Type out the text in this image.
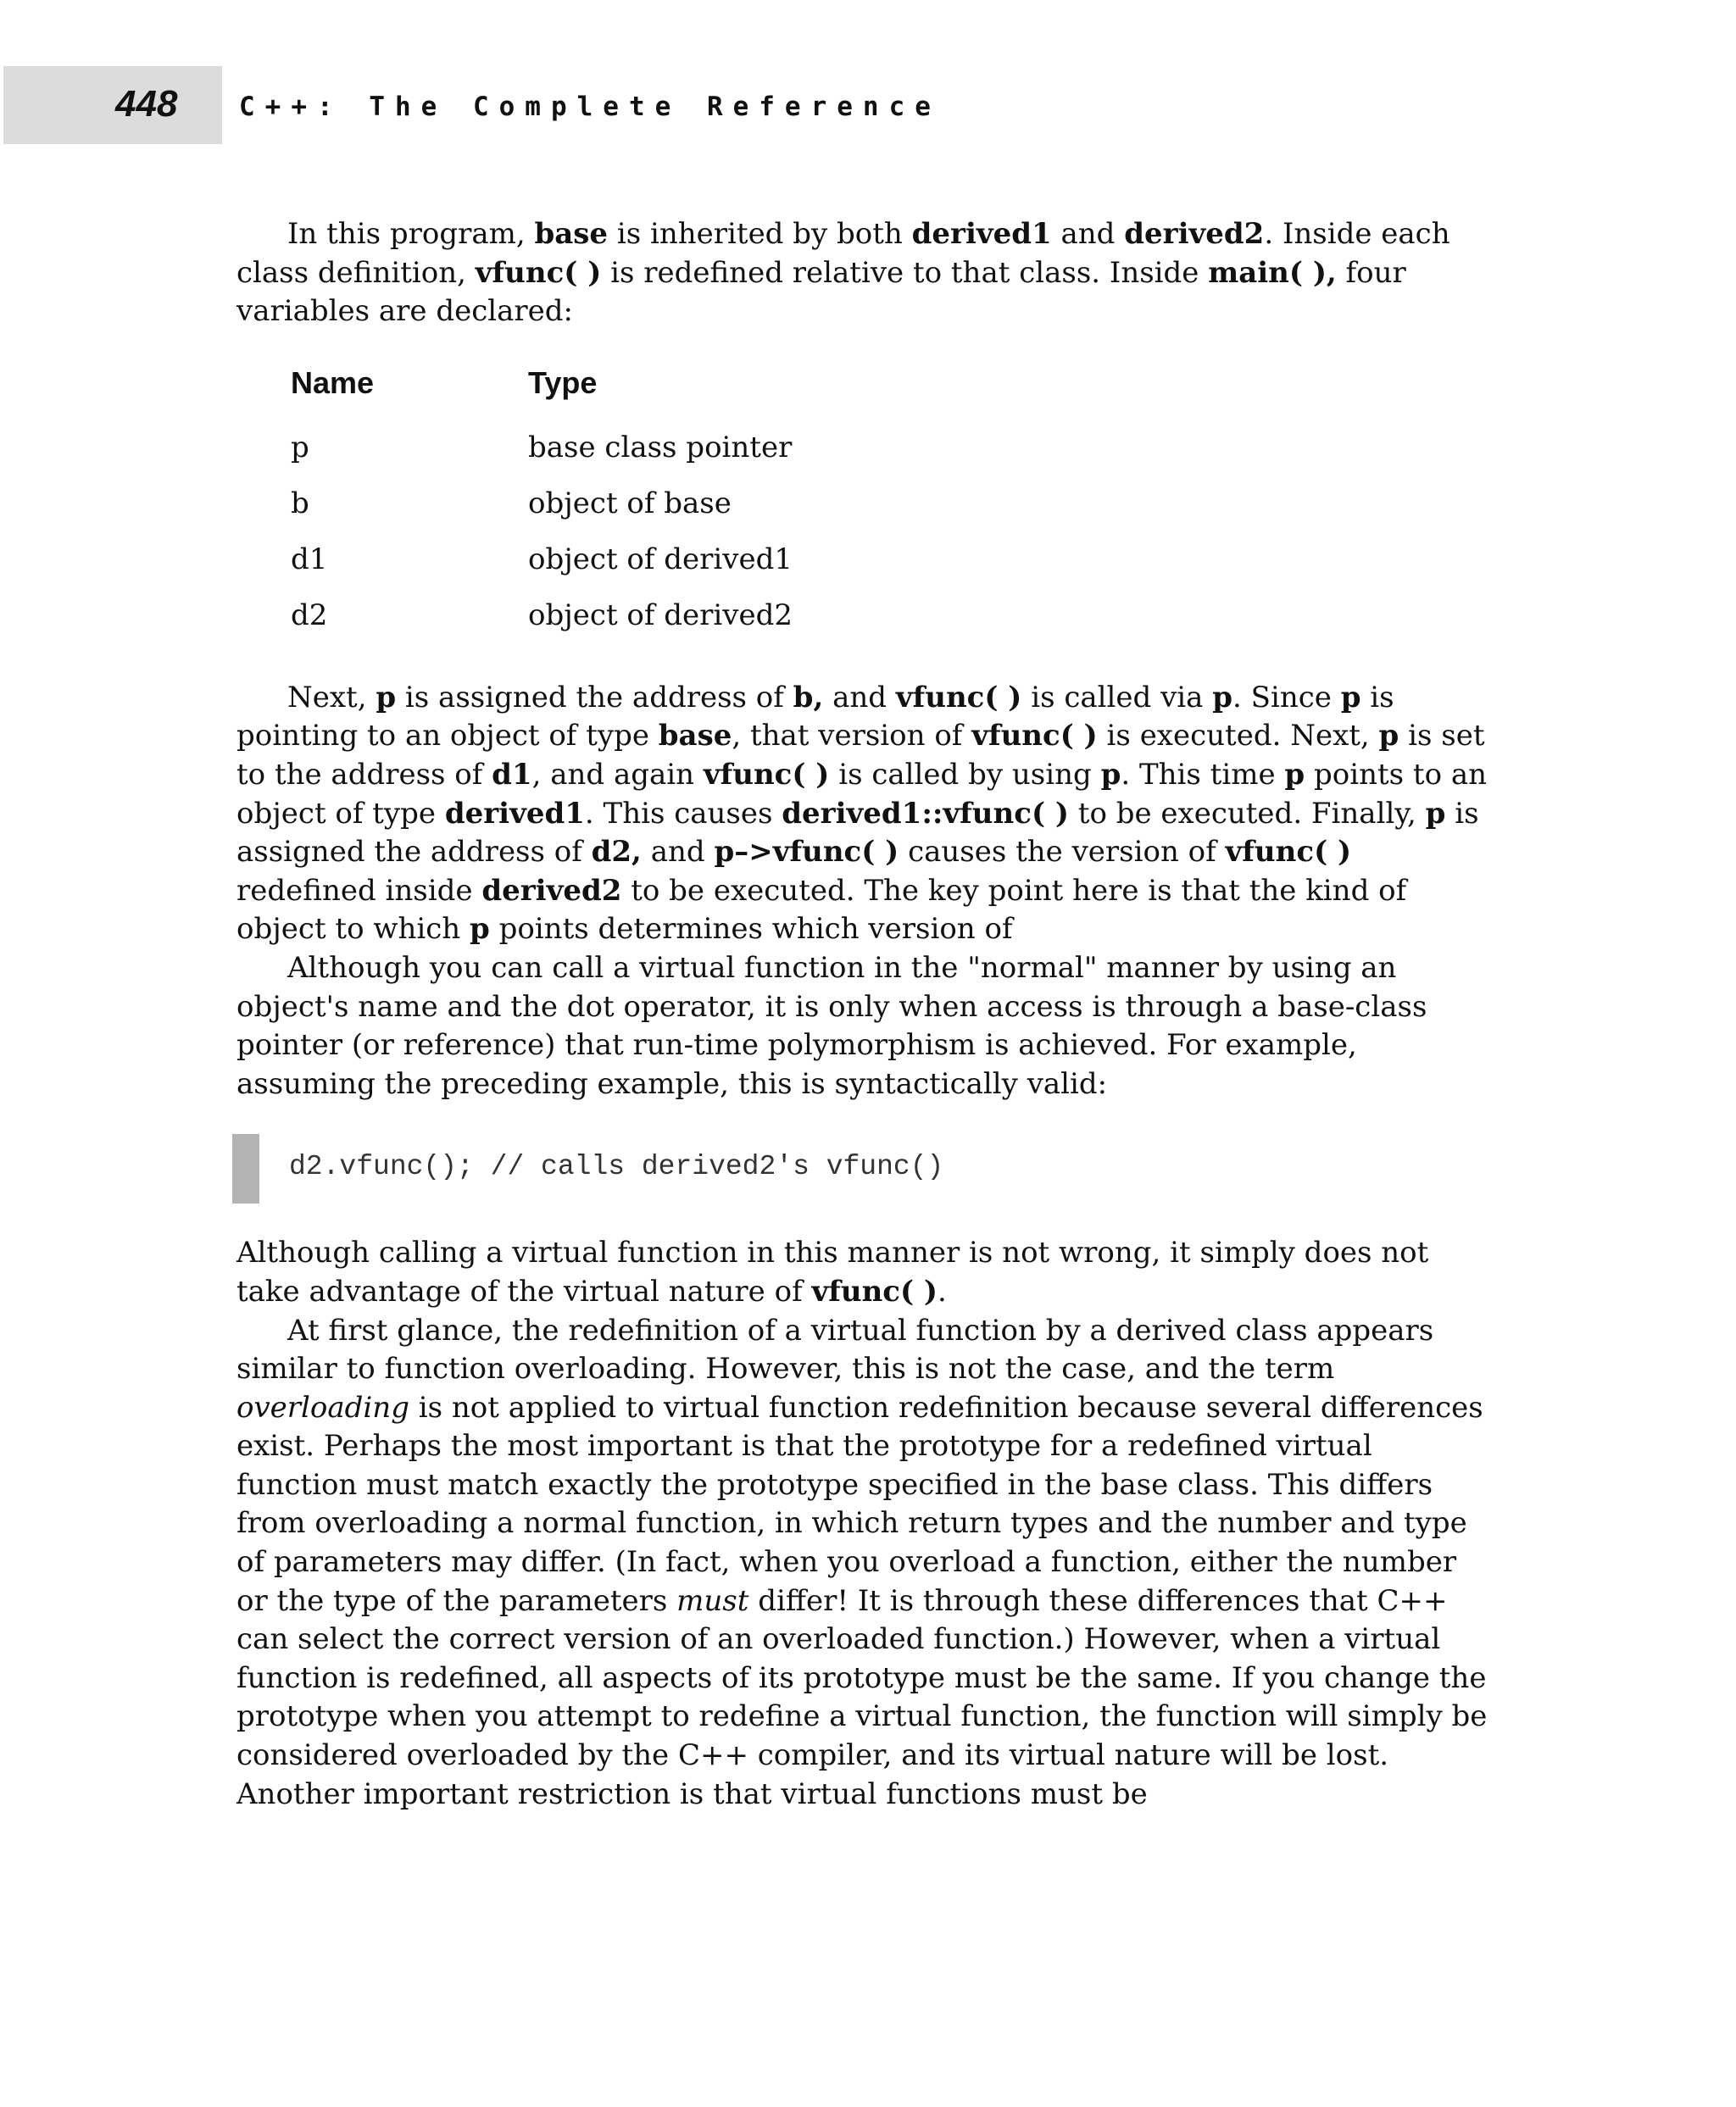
448 C++: The Complete Reference

In this program, base is inherited by both derived1 and derived2. Inside each class definition, vfunc( ) is redefined relative to that class. Inside main( ), four variables are declared:

Name	Type
p	base class pointer
b	object of base
d1	object of derived1
d2	object of derived2

Next, p is assigned the address of b, and vfunc( ) is called via p. Since p is pointing to an object of type base, that version of vfunc( ) is executed. Next, p is set to the address of d1, and again vfunc( ) is called by using p. This time p points to an object of type derived1. This causes derived1::vfunc( ) to be executed. Finally, p is assigned the address of d2, and p–>vfunc( ) causes the version of vfunc( ) redefined inside derived2 to be executed. The key point here is that the kind of object to which p points determines which version of

Although you can call a virtual function in the "normal" manner by using an object's name and the dot operator, it is only when access is through a base-class pointer (or reference) that run-time polymorphism is achieved. For example, assuming the preceding example, this is syntactically valid:

d2.vfunc(); // calls derived2's vfunc()

Although calling a virtual function in this manner is not wrong, it simply does not take advantage of the virtual nature of vfunc( ).

At first glance, the redefinition of a virtual function by a derived class appears similar to function overloading. However, this is not the case, and the term overloading is not applied to virtual function redefinition because several differences exist. Perhaps the most important is that the prototype for a redefined virtual function must match exactly the prototype specified in the base class. This differs from overloading a normal function, in which return types and the number and type of parameters may differ. (In fact, when you overload a function, either the number or the type of the parameters must differ! It is through these differences that C++ can select the correct version of an overloaded function.) However, when a virtual function is redefined, all aspects of its prototype must be the same. If you change the prototype when you attempt to redefine a virtual function, the function will simply be considered overloaded by the C++ compiler, and its virtual nature will be lost. Another important restriction is that virtual functions must be
